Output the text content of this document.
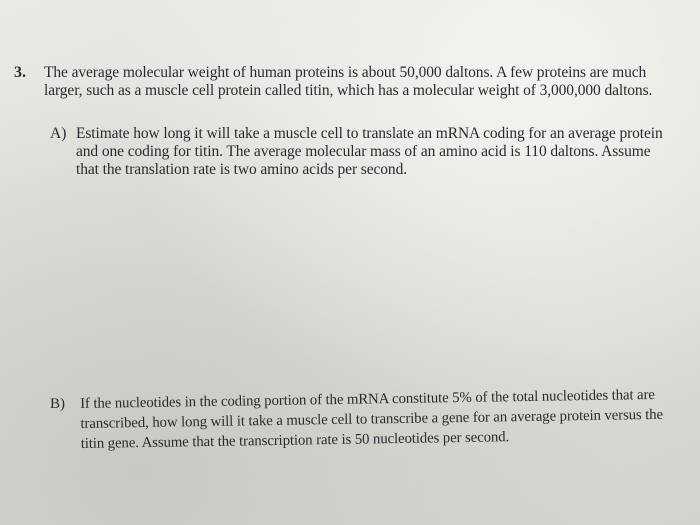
3. The average molecular weight of human proteins is about 50,000 daltons. A few proteins are much larger, such as a muscle cell protein called titin, which has a molecular weight of 3,000,000 daltons.
A) Estimate how long it will take a muscle cell to translate an mRNA coding for an average protein and one coding for titin. The average molecular mass of an amino acid is 110 daltons. Assume that the translation rate is two amino acids per second.
B) If the nucleotides in the coding portion of the mRNA constitute 5% of the total nucleotides that are transcribed, how long will it take a muscle cell to transcribe a gene for an average protein versus the titin gene. Assume that the transcription rate is 50 nucleotides per second.
